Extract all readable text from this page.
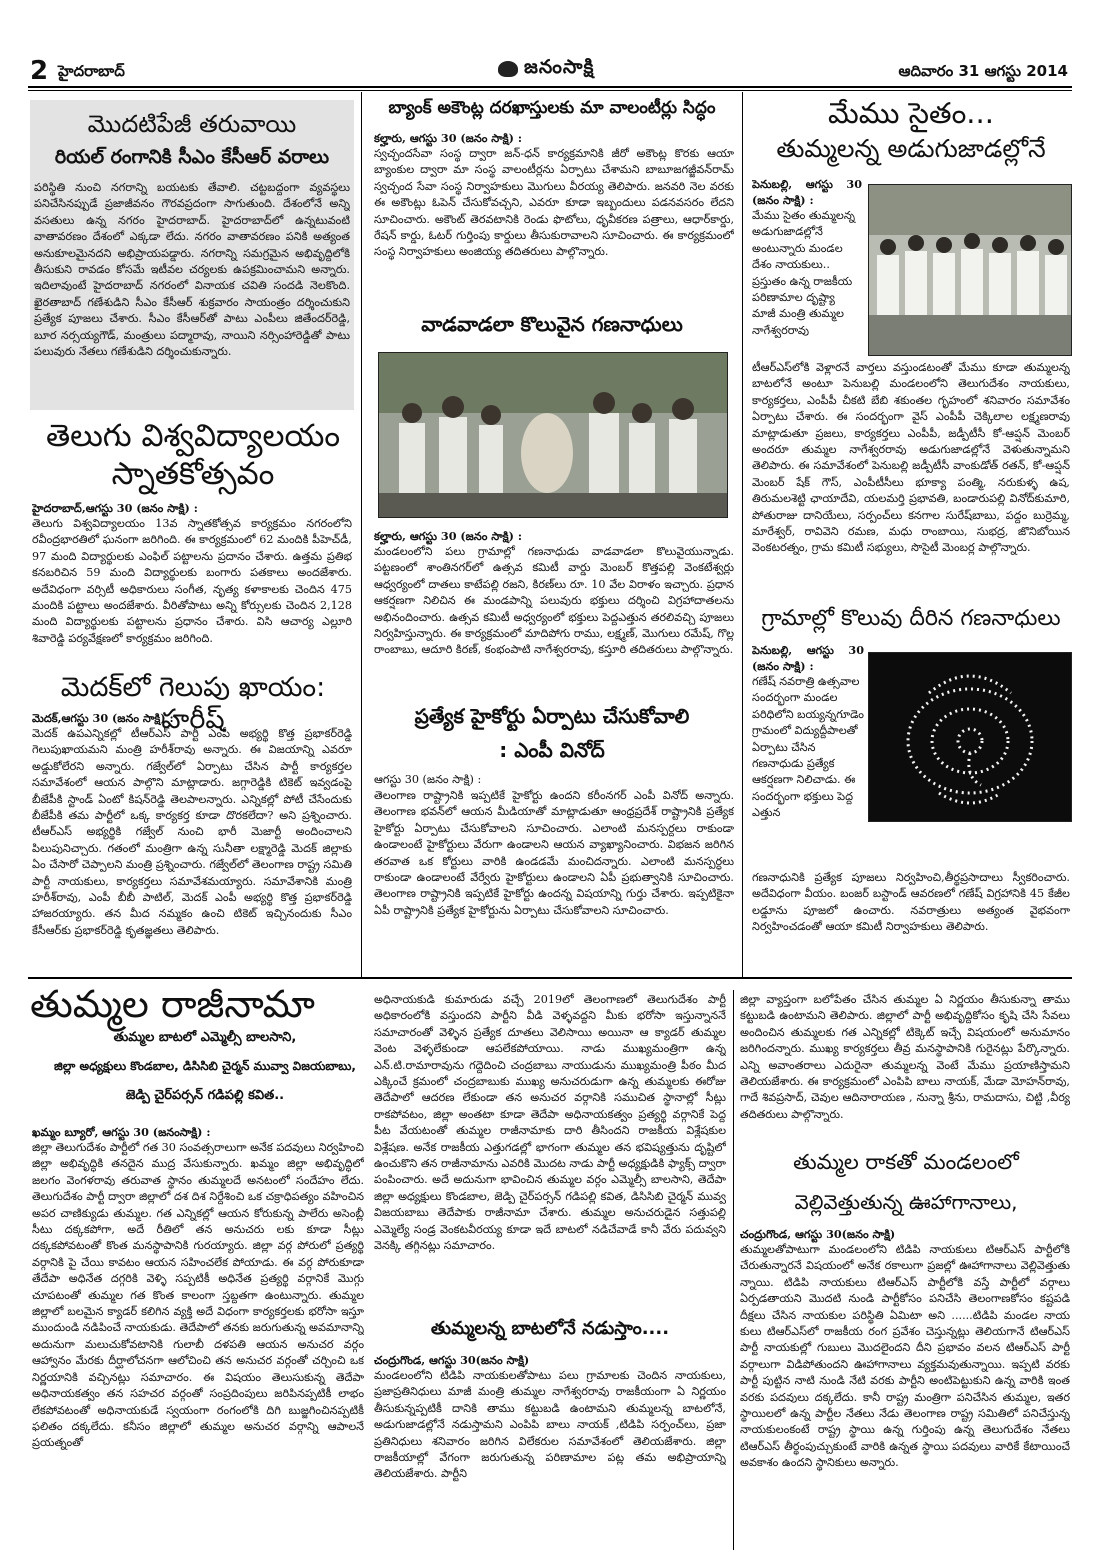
2 హైదరాబాద్	జనంసాక్షి	ఆదివారం 31 ఆగస్టు 2014
మొదటిపేజీ తరువాయి
రియల్ రంగానికి సీఎం కేసీఆర్ వరాలు
పరిస్థితి నుంచి నగరాన్ని బయటకు తేవాలి. చట్టబద్దంగా వ్యవస్థలు పనిచేసినప్పుడే ప్రజాజీవనం గౌరవప్రదంగా సాగుతుంది. దేశంలోనే అన్ని వసతులు ఉన్న నగరం హైదరాబాద్. హైదరాబాద్‌లో ఉన్నటువంటి వాతావరణం దేశంలో ఎక్కడా లేదు. నగరం వాతావరణం పనికి అత్యంత అనుకూలమైనదని అభిప్రాయపడ్డారు. నగరాన్ని సమగ్రమైన అభివృద్దిలోకి తీసుకుని రావడం కోసమే ఇటీవల చర్యలకు ఉపక్రమించామని అన్నారు. ఇదిలావుంటే హైదరాబాద్ నగరంలో వినాయక చవితి సందడి నెలకొంది. ఖైరతాబాద్ గణేశుడిని సీఎం కేసీఆర్ శుక్రవారం సాయంత్రం దర్శించుకుని ప్రత్యేక పూజలు చేశారు. సీఎం కేసీఆర్‌తో పాటు ఎంపీలు జితేందర్‌రెడ్డి, బూర నర్సయ్యగౌడ్, మంత్రులు పద్మారావు, నాయిని నర్సింహారెడ్డితో పాటు పలువురు నేతలు గణేశుడిని దర్శించుకున్నారు.
తెలుగు విశ్వవిద్యాలయం
స్నాతకోత్సవం
హైదరాబాద్,ఆగస్టు 30 (జనం సాక్షి) :
తెలుగు విశ్వవిద్యాలయం 13వ స్నాతకోత్సవ కార్యక్రమం నగరంలోని రవీంద్రభారతిలో ఘనంగా జరిగింది. ఈ కార్యక్రమంలో 62 మందికి పీహెచ్‌డీ, 97 మంది విద్యార్థులకు ఎంఫిల్ పట్టాలను ప్రదానం చేశారు. ఉత్తమ ప్రతిభ కనబరిచిన 59 మంది విద్యార్థులకు బంగారు పతకాలు అందజేశారు. అదేవిధంగా వర్సిటీ అధికారులు సంగీత, నృత్య కళాకాలకు చెందిన 475 మందికి పట్టాలు అందజేశారు. వీరితోపాటు అన్ని కోర్సులకు చెందిన 2,128 మంది విద్యార్థులకు పట్టాలను ప్రధానం చేశారు. విసి ఆచార్య ఎల్లూరి శివారెడ్డి పర్యవేక్షణలో కార్యక్రమం జరిగింది.
మెదక్‌లో గెలుపు ఖాయం: హరీష్
మెదక్,ఆగస్టు 30 (జనం సాక్షి) :
మెదక్ ఉపఎన్నికల్లో టీఆర్ఎస్ పార్టీ ఎంపీ అభ్యర్థి కొత్త ప్రభాకర్‌రెడ్డి గెలుపుఖాయమని మంత్రి హరీశ్‌రావు అన్నారు. ఈ విజయాన్ని ఎవరూ అడ్డుకోలేరని అన్నారు. గజ్వేల్‌లో ఏర్పాటు చేసిన పార్టీ కార్యకర్తల సమావేశంలో ఆయన పాల్గొని మాట్లాడారు. జగ్గారెడ్డికి టికెట్ ఇవ్వడంపై బీజేపీకి స్టాండ్ ఏంటో కిషన్‌రెడ్డి తెలపాలన్నారు. ఎన్నికల్లో పోటీ చేసేందుకు బీజేపీకి తమ పార్టీలో ఒక్క కార్యకర్త కూడా దొరకలేదా? అని ప్రశ్నించారు. టీఆర్ఎస్ అభ్యర్థికి గజ్వేల్ నుంచి భారీ మెజార్టీ అందించాలని పిలుపునిచ్చారు. గతంలో మంత్రిగా ఉన్న సునీతా లక్ష్మారెడ్డి మెదక్ జిల్లాకు ఏం చేసారో చెప్పాలని మంత్రి ప్రశ్నించారు. గజ్వేల్‌లో తెలంగాణ రాష్ట్ర సమితి పార్టీ నాయకులు, కార్యకర్తలు సమావేశమయ్యారు. సమావేశానికి మంత్రి హరీశ్‌రావు, ఎంపీ బీబీ పాటిల్, మెదక్ ఎంపీ అభ్యర్థి కొత్త ప్రభాకర్‌రెడ్డి హాజరయ్యారు. తన మీద నమ్మకం ఉంచి టికెట్ ఇచ్చినందుకు సీఎం కేసీఆర్‌కు ప్రభాకర్‌రెడ్డి కృతజ్ఞతలు తెలిపారు.
బ్యాంక్ అకౌంట్ల దరఖాస్తులకు మా వాలంటీర్లు సిద్ధం
కల్హారు, ఆగస్టు 30 (జనం సాక్షి) :
స్వచ్ఛందసేవా సంస్థ ద్వారా జన్-ధన్ కార్యక్రమానికి జీరో అకౌంట్ల కొరకు ఆయా బ్యాంకుల ద్వారా మా సంస్థ వాలంటీర్లను ఏర్పాటు చేశామని బాబూజగజ్జీవన్‌రామ్ స్వచ్ఛంద సేవా సంస్థ నిర్వాహకులు మొగులు వీరయ్య తెలిపారు. జనవరి నెల వరకు ఈ అకౌంట్లు ఓపెన్ చేసుకోవచ్చని, ఎవరూ కూడా ఇబ్బందులు పడనవసరం లేదని సూచించారు. అకౌంట్ తెరవటానికి రెండు ఫొటోలు, ధృవీకరణ పత్రాలు, ఆధార్‌కార్డు, రేషన్ కార్డు, ఓటర్ గుర్తింపు కార్డులు తీసుకురావాలని సూచించారు. ఈ కార్యక్రమంలో సంస్థ నిర్వాహకులు అంజియ్య తదితరులు పాల్గొన్నారు.
వాడవాడలా కొలువైన గణనాధులు
కల్హారు, ఆగస్టు 30 (జనం సాక్షి) :
మండలంలోని పలు గ్రామాల్లో గణనాధుడు వాడవాడలా కొలువైయున్నాడు. పట్టణంలో శాంతినగర్‌లో ఉత్సవ కమిటీ వార్డు మెంబర్ కొత్తపల్లి వెంకటేశ్వర్లు ఆధ్వర్యంలో దాతలు కాటేపల్లి రజని, కిరణ్‌లు రూ. 10 వేల విరాళం ఇచ్చారు. ప్రధాన ఆకర్షణగా నిలిచిన ఈ మండపాన్ని పలువురు భక్తులు దర్శించి విగ్రహాదాతలను అభినందించారు. ఉత్సవ కమిటీ అధ్వర్యంలో భక్తులు పెద్దఎత్తున తరలివచ్చి పూజలు నిర్వహిస్తున్నారు. ఈ కార్యక్రమంలో మాదిపోగు రాము, లక్ష్మణ్, మొగులు రమేష్, గొల్ల రాంబాబు, ఆదూరి కిరణ్, కంభంపాటి నాగేశ్వరరావు, కస్తూరి తదితరులు పాల్గొన్నారు.
ప్రత్యేక హైకోర్టు ఏర్పాటు చేసుకోవాలి
: ఎంపీ వినోద్
ఆగస్టు 30 (జనం సాక్షి) :
తెలంగాణ రాష్ట్రానికి ఇప్పటికే హైకోర్టు ఉందని కరీంనగర్ ఎంపీ వినోద్ అన్నారు. తెలంగాణ భవన్‌లో ఆయన మీడియాతో మాట్లాడుతూ ఆంధ్రప్రదేశ్ రాష్ట్రానికి ప్రత్యేక హైకోర్టు ఏర్పాటు చేసుకోవాలని సూచించారు. ఎలాంటి మనస్పర్దలు రాకుండా ఉండాలంటే హైకోర్టులు వేరుగా ఉండాలని ఆయన వ్యాఖ్యానించారు. విభజన జరిగిన తరవాత ఒక కోర్టులు వారికి ఉండడమే మంచిదన్నారు. ఎలాంటి మనస్పర్ధలు రాకుండా ఉండాలంటే వేర్వేరు హైకోర్టులు ఉండాలని ఏపీ ప్రభుత్వానికి సూచించారు. తెలంగాణ రాష్ట్రానికి ఇప్పటికే హైకోర్టు ఉందన్న విషయాన్ని గుర్తు చేశారు. ఇప్పటికైనా ఏపీ రాష్ట్రానికి ప్రత్యేక హైకోర్టును ఏర్పాటు చేసుకోవాలని సూచించారు.
మేము సైతం...
తుమ్మలన్న అడుగుజాడల్లోనే
పెనుబల్లి, ఆగస్టు 30 (జనం సాక్షి) :
మేము సైతం తుమ్మలన్న అడుగుజాడల్లోనే అంటున్నారు మండల దేశం నాయకులు.. ప్రస్తుతం ఉన్న రాజకీయ పరిణామాల దృష్ట్యా మాజీ మంత్రి తుమ్మల నాగేశ్వరరావు
టీఆర్ఎస్‌లోకి వెళ్లారనే వార్తలు వస్తుండటంతో మేము కూడా తుమ్మలన్న బాటలోనే అంటూ పెనుబల్లి మండలంలోని తెలుగుదేశం నాయకులు, కార్యకర్తలు, ఎంపీపీ చీకటి బేబి శకుంతల గృహంలో శనివారం సమావేశం ఏర్పాటు చేశారు. ఈ సందర్భంగా వైస్ ఎంపీపీ చెక్కిలాల లక్ష్మణరావు మాట్లాడుతూ ప్రజలు, కార్యకర్తలు ఎంపీపీ, జడ్పీటీసీ కో-ఆప్షన్ మెంబర్ అందరూ తుమ్మల నాగేశ్వరరావు అడుగుజాడల్లోనే వెళుతున్నామని తెలిపారు. ఈ సమావేశంలో పెనుబల్లి జడ్పీటీసీ వాంకుడోత్ రతన్, కో-ఆప్షన్ మెంబర్ షేక్ గౌస్, ఎంపీటీసీలు భూక్యా పంత్మి, నరుకుళ్ళ ఉష, తిరుమలశెట్టి ఛాయాదేవి, యలమర్తి ప్రభావతి, బండారుపల్లి వినోద్‌కుమారి, పోతురాజు దానియేలు, సర్పంచ్‌లు కనగాల సురేష్‌బాబు, పద్దం బుర్రెమ్మ, మారేశ్వర్, రావివెని రమణ, మధు రాంబాయి, సుభద్ర, జొనిబోయిన వెంకటరత్నం, గ్రామ కమిటీ సభ్యులు, సొసైటీ మెంబర్ల పాల్గొన్నారు.
గ్రామాల్లో కొలువు దీరిన గణనాధులు
పెనుబల్లి, ఆగస్టు 30 (జనం సాక్షి) :
గణేష్ నవరాత్రి ఉత్సవాల సందర్భంగా మండల పరిధిలోని బయ్యన్నగూడెం గ్రామంలో విద్యుద్దీపాలతో ఏర్పాటు చేసిన గణనాధుడు ప్రత్యేక ఆకర్షణగా నిలిచాడు. ఈ సందర్భంగా భక్తులు పెద్ద ఎత్తున
గణనాధునికి ప్రత్యేక పూజలు నిర్వహించి,తీర్థప్రసాదాలు స్వీకరించారు. అదేవిధంగా వీయం. బంజర్ బస్టాండ్ ఆవరణలో గణేష్ విగ్రహానికి 45 కేజీల లడ్డూను పూజలో ఉంచారు. నవరాత్రులు అత్యంత వైభవంగా నిర్వహించడంతో ఆయా కమిటీ నిర్వాహకులు తెలిపారు.
తుమ్మల రాజీనామా
తుమ్మల బాటలో ఎమ్మెల్సీ బాలసాని,
జిల్లా అధ్యక్షులు కొండబాల, డిసిసిబి చైర్మన్ మువ్వా విజయబాబు,
జెడ్పి చైర్‌పర్సన్ గడిపల్లి కవిత..
ఖమ్మం బ్యూరో, ఆగస్టు 30 (జనంసాక్షి) :
జిల్లా తెలుగుదేశం పార్టీలో గత 30 సంవత్సరాలుగా అనేక పదవులు నిర్వహించి జిల్లా అభివృద్ధికి తనదైన ముద్ర వేసుకున్నారు. ఖమ్మం జిల్లా అభివృద్ధిలో జలగం వెంగళరావు తరువాత స్థానం తుమ్మలదే అనటంలో సందేహం లేదు. తెలుగుదేశం పార్టీ ద్వారా జిల్లాలో దశ దిశ నిర్దేశించి ఒక చక్రాధిపత్యం వహించిన అపర చాణిక్యుడు తుమ్మల. గత ఎన్నికల్లో ఆయన కోరుకున్న పాలేరు అసెంబ్లీ సీటు దక్కకపోగా, అదే రీతిలో తన అనుచరు లకు కూడా సీట్లు దక్కకపోవటంతో కొంత మనస్థాపానికి గురయ్యారు. జిల్లా వర్గ పోరులో ప్రత్యర్థి వర్గానికి పై చేయి కావటం ఆయన సహించలేక పోయాడు. ఈ వర్గ పోరుకూడా తేదేపా అధినేత దగ్గరికి వెళ్ళి సప్పటికీ అధినేత ప్రత్యర్థి వర్గానికే మొగ్గు చూపటంతో తుమ్మల గత కొంత కాలంగా స్తబ్దతగా ఉంటున్నారు. తుమ్మల జిల్లాలో బలమైన క్యాడర్ కలిగిన వ్యక్తి అదే విధంగా కార్యకర్తలకు భరోసా ఇస్తూ ముందుండి నడిపించే నాయకుడు. తెదేపాలో తనకు జరుగుతున్న అవమానాన్ని అదునుగా మలుచుకోవటానికి గులాబీ దళపతి ఆయన అనుచర వర్గం ఆహ్వానం మేరకు దీర్ఘాలోచనగా ఆలోచించి తన అనుచర వర్గంతో చర్చించి ఒక నిర్ణయానికి వచ్చినట్లు సమాచారం. ఈ విషయం తెలుసుకున్న తెదేపా అధినాయకత్వం తన సహచర వర్గంతో సంప్రదింపులు జరిపినప్పటికీ లాభం లేకపోవటంతో అధినాయకుడే స్వయంగా రంగంలోకి దిగి బుజ్జగించినప్పటికీ ఫలితం దక్కలేదు. కనీసం జిల్లాలో తుమ్మల అనుచర వర్గాన్ని ఆపాలనే ప్రయత్నంతో
అధినాయకుడి కుమారుడు వచ్చే 2019లో తెలంగాణలో తెలుగుదేశం పార్టీ అధికారంలోకి వస్తుందని పార్టీని వీడి వెళ్ళవద్దని మీకు భరోసా ఇస్తున్నాననే సమాచారంతో వెళ్ళిన ప్రత్యేక దూతలు వెలిసాయి అయినా ఆ క్యాడర్ తుమ్మల వెంట వెళ్ళలేకుండా ఆపలేకపోయాయి. నాడు ముఖ్యమంత్రిగా ఉన్న ఎన్.టి.రామారావును గద్దెదించి చంద్రబాబు నాయుడును ముఖ్యమంత్రి పీఠం మీద ఎక్కించే క్రమంలో చంద్రబాబుకు ముఖ్య అనుచరుడుగా ఉన్న తుమ్మలకు ఈరోజు తెదేపాలో ఆదరణ లేకుండా తన అనుచర వర్గానికి సముచిత స్థానాల్లో సీట్లు రాకపోవటం, జిల్లా అంతటా కూడా తెదేపా అధినాయకత్వం ప్రత్యర్థి వర్గానికే పెద్ద పీట వేయటంతో తుమ్మల రాజీనామాకు దారి తీసిందని రాజకీయ విశ్లేషకుల విశ్లేషణ. అనేక రాజకీయ ఎత్తుగడల్లో భాగంగా తుమ్మల తన భవిష్యత్తును దృష్టిలో ఉంచుకొని తన రాజీనామాను ఎవరికి మొదట నాడు పార్టీ అధ్యక్షుడికి ఫ్యాక్స్ ద్వారా పంపించారు. అదే అదునుగా భావించిన తుమ్మల వర్గం ఎమ్మెల్సీ బాలసాని, తెదేపా జిల్లా అధ్యక్షులు కొండబాల, జెడ్పి చైర్‌పర్సన్ గడిపల్లి కవిత, డిసిసిబి చైర్మన్ మువ్వ విజయబాబు తెదేపాకు రాజీనామా చేశారు. తుమ్మల అనుచరుడైన సత్తుపల్లి ఎమ్మెల్యే సండ్ర వెంకటవీరయ్య కూడా ఇదే బాటలో నడిచేవాడే కానీ వేరు పదువ్వని వెనక్కి తగ్గినట్లు సమాచారం.
తుమ్మలన్న బాటలోనే నడుస్తాం....
చంద్రుగొండ, ఆగస్టు 30(జనం సాక్షి)
మండలంలోని టిడిపి నాయకులతోపాటు పలు గ్రామాలకు చెందిన నాయకులు, ప్రజాప్రతినిధులు మాజీ మంత్రి తుమ్మల నాగేశ్వరరావు రాజకీయంగా ఏ నిర్ణయం తీసుకున్నప్పటికీ దానికి తాము కట్టుబడి ఉంటామని తుమ్మలన్న బాటలోనే, అడుగుజాడల్లోనే నడుస్తామని ఎంపిపి బాలు నాయక్ ,టిడిపి సర్పంచ్‌లు, ప్రజా ప్రతినిధులు శనివారం జరిగిన విలేకరుల సమావేశంలో తెలియజేశారు. జిల్లా రాజకీయాల్లో వేగంగా జరుగుతున్న పరిణామాల పట్ల తమ అభిప్రాయాన్ని తెలియజేశారు. పార్టీని
జిల్లా వ్యాప్తంగా బలోపేతం చేసిన తుమ్మల ఏ నిర్ణయం తీసుకున్నా తాము కట్టుబడి ఉంటామని తెలిపారు. జిల్లాలో పార్టీ అభివృద్దికోసం కృషి చేసి సేవలు అందించిన తుమ్మలకు గత ఎన్నికల్లో టిక్కెట్ ఇచ్చే విషయంలో అనుమానం జరిగిందన్నారు. ముఖ్య కార్యకర్తలు తీవ్ర మనస్థాపానికి గురైనట్లు పేర్కొన్నారు. ఎన్ని అవాంతరాలు ఎదురైనా తుమ్మలన్న వెంటే మేము ప్రయాణిస్తామని తెలియజేశారు. ఈ కార్యక్రమంలో ఎంపిపి బాలు నాయక్, మేడా మోహన్‌రావు, గాదే శివప్రసాద్, చెవుల ఆదినారాయణ , నున్నా శ్రీను, రామదాసు, చిట్టి ,వీర్య తదితరులు పాల్గొన్నారు.
తుమ్మల రాకతో మండలంలో
వెల్లివెత్తుతున్న ఊహాగానాలు,
చంద్రుగొండ, ఆగస్టు 30(జనం సాక్షి)
తుమ్మలతోపాటుగా మండలంలోని టిడిపి నాయకులు టిఆర్ఎస్ పార్టీలోకి చేరుతున్నారనే విషయంలో అనేక రకాలుగా ప్రజల్లో ఊహాగానాలు వెల్లివెత్తుతు న్నాయి. టిడిపి నాయకులు టిఆర్ఎస్ పార్టీలోకి వస్తే పార్టీలో వర్గాలు ఏర్పడతాయని మొదటి నుండి పార్టీకోసం పనిచేసి తెలంగాణకోసం కష్టపడి దీక్షలు చేసిన నాయకుల పరిస్థితి ఏమిటా అని ......టిడిపి మండల నాయ కులు టిఆర్ఎస్‌లో రాజకీయ రంగ ప్రవేశం చెస్తున్నట్లు తెలియగానే టిఆర్ఎస్ పార్టీ నాయకుల్లో గుబులు మొదలైందని దీని ప్రభావం వలన టిఆర్ఎస్ పార్టీ వర్గాలుగా విడిపోతుందని ఊహాగానాలు వ్యక్తమవుతున్నాయి. ఇప్పటి వరకు పార్టీ పుట్టిన నాటి నుండి నేటి వరకు పార్టీని అంటిపెట్టుకుని ఉన్న వారికి ఇంత వరకు పదవులు దక్కలేదు. కానీ రాష్ట్ర మంత్రిగా పనిచేసిన తుమ్మల, ఇతర స్థాయిలలో ఉన్న పార్టీల నేతలు నేడు తెలంగాణ రాష్ట్ర సమితిలో పనిచేస్తున్న నాయకులంకంటే రాష్ట్ర స్థాయి ఉన్న గుర్తింపు ఉన్న తెలుగుదేశం నేతలు టిఆర్ఎస్ తీర్థంపుచ్చుకుంటే వారికి ఉన్నత స్థాయి పదవులు వారికే కేటాయించే అవకాశం ఉందని స్థానికులు అన్నారు.
